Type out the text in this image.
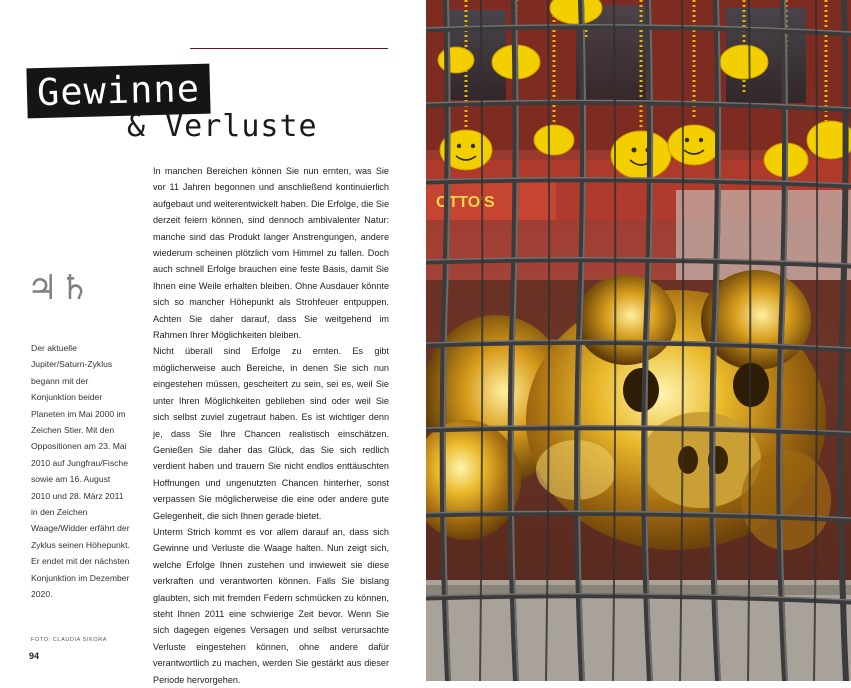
Gewinne
& Verluste
♃♄

Der aktuelle Jupiter/Saturn-Zyklus begann mit der Konjunktion beider Planeten im Mai 2000 im Zeichen Stier. Mit den Oppositionen am 23. Mai 2010 auf Jungfrau/Fische sowie am 16. August 2010 und 28. März 2011 in den Zeichen Waage/Widder erfährt der Zyklus seinen Höhepunkt. Er endet mit der nächsten Konjunktion im Dezember 2020.

FOTO: CLAUDIA SIKORA
94

In manchen Bereichen können Sie nun ernten, was Sie vor 11 Jahren begonnen und anschließend kontinuierlich aufgebaut und weiterentwickelt haben. Die Erfolge, die Sie derzeit feiern können, sind dennoch ambivalenter Natur: manche sind das Produkt langer Anstrengungen, andere wiederum scheinen plötzlich vom Himmel zu fallen. Doch auch schnell Erfolge brauchen eine feste Basis, damit Sie Ihnen eine Weile erhalten bleiben. Ohne Ausdauer könnte sich so mancher Höhepunkt als Strohfeuer entpuppen. Achten Sie daher darauf, dass Sie weitgehend im Rahmen Ihrer Möglichkeiten bleiben.

Nicht überall sind Erfolge zu ernten. Es gibt möglicherweise auch Bereiche, in denen Sie sich nun eingestehen müssen, gescheitert zu sein, sei es, weil Sie unter Ihren Möglichkeiten geblieben sind oder weil Sie sich selbst zuviel zugetraut haben. Es ist wichtiger denn je, dass Sie Ihre Chancen realistisch einschätzen. Genießen Sie daher das Glück, das Sie sich redlich verdient haben und trauern Sie nicht endlos enttäuschten Hoffnungen und ungenutzten Chancen hinterher, sonst verpassen Sie möglicherweise die eine oder andere gute Gelegenheit, die sich Ihnen gerade bietet.

Unterm Strich kommt es vor allem darauf an, dass sich Gewinne und Verluste die Waage halten. Nun zeigt sich, welche Erfolge Ihnen zustehen und inwieweit sie diese verkraften und verantworten können. Falls Sie bislang glaubten, sich mit fremden Federn schmücken zu können, steht Ihnen 2011 eine schwierige Zeit bevor. Wenn Sie sich dagegen eigenes Versagen und selbst verursachte Verluste eingestehen können, ohne andere dafür verantwortlich zu machen, werden Sie gestärkt aus dieser Periode hervorgehen.

OTTO'S
